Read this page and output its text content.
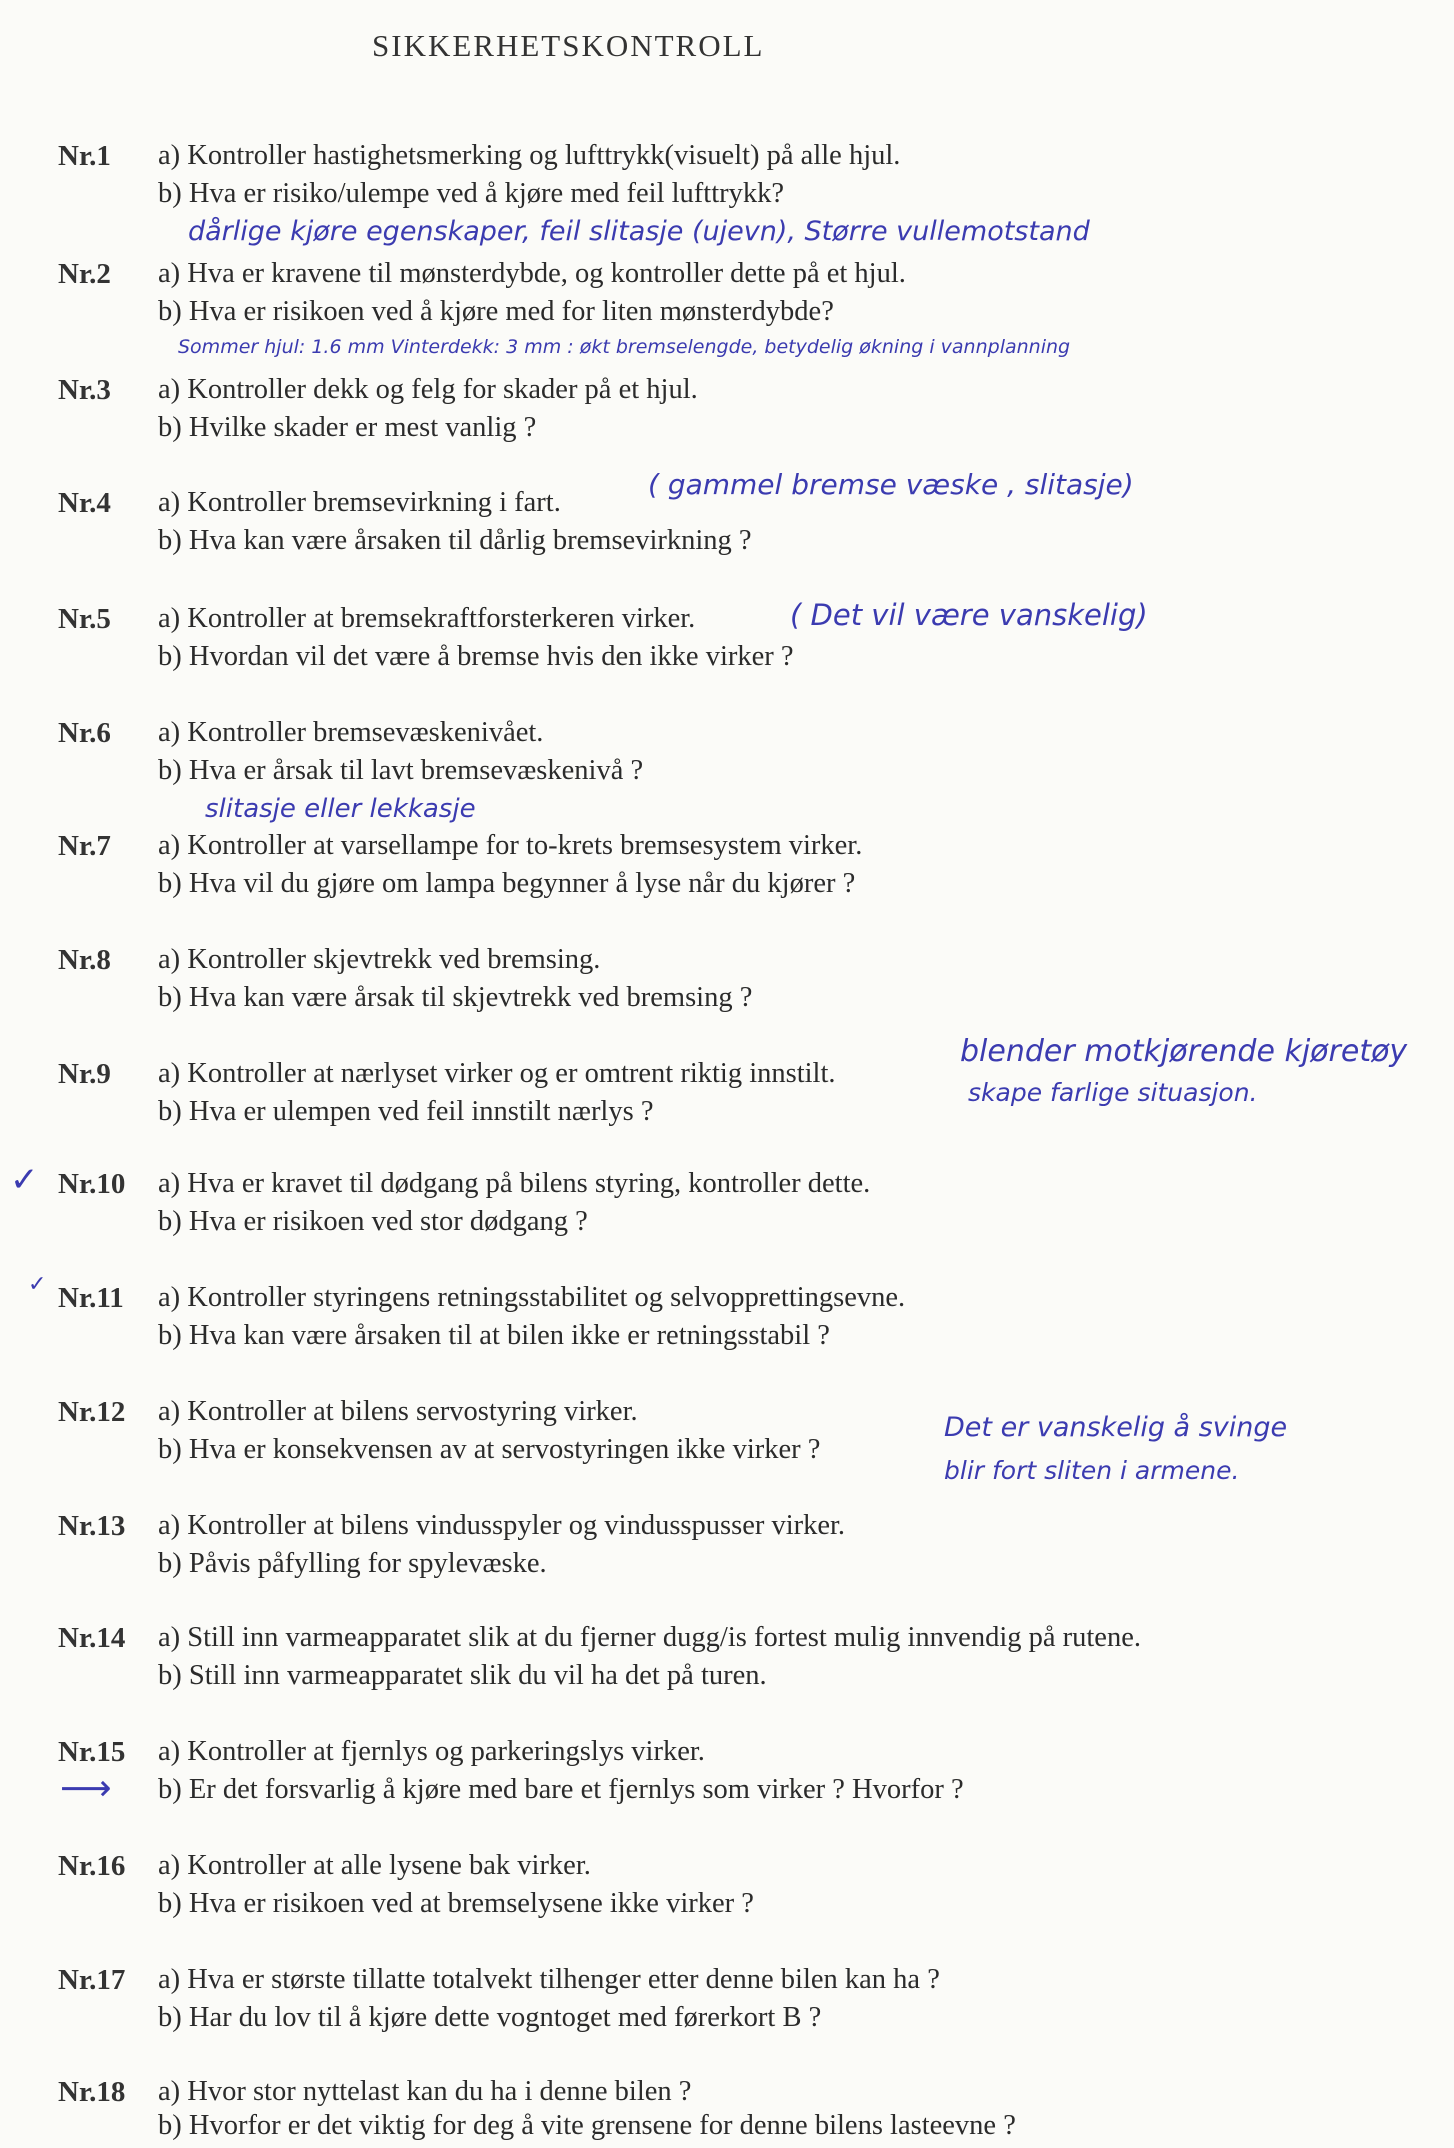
SIKKERHETSKONTROLL
Nr.1 a) Kontroller hastighetsmerking og lufttrykk(visuelt) på alle hjul.
b) Hva er risiko/ulempe ved å kjøre med feil lufttrykk?
dårlige kjøre egenskaper, feil slitasje (ujevn), Større vullemotstand
Nr.2 a) Hva er kravene til mønsterdybde, og kontroller dette på et hjul.
b) Hva er risikoen ved å kjøre med for liten mønsterdybde?
Sommer hjul: 1.6 mm Vinterdekk: 3 mm : økt bremselengde, betydelig økning i vannplanning
Nr.3 a) Kontroller dekk og felg for skader på et hjul.
b) Hvilke skader er mest vanlig ?
Nr.4 a) Kontroller bremsevirkning i fart.
b) Hva kan være årsaken til dårlig bremsevirkning ?
( gammel bremse væske , slitasje)
Nr.5 a) Kontroller at bremsekraftforsterkeren virker.
b) Hvordan vil det være å bremse hvis den ikke virker ?
( Det vil være vanskelig)
Nr.6 a) Kontroller bremsevæskenivået.
b) Hva er årsak til lavt bremsevæskenivå ?
slitasje eller lekkasje
Nr.7 a) Kontroller at varsellampe for to-krets bremsesystem virker.
b) Hva vil du gjøre om lampa begynner å lyse når du kjører ?
Nr.8 a) Kontroller skjevtrekk ved bremsing.
b) Hva kan være årsak til skjevtrekk ved bremsing ?
Nr.9 a) Kontroller at nærlyset virker og er omtrent riktig innstilt.
b) Hva er ulempen ved feil innstilt nærlys ?
blender motkjørende kjøretøy
skape farlige situasjon.
Nr.10 a) Hva er kravet til dødgang på bilens styring, kontroller dette.
b) Hva er risikoen ved stor dødgang ?
✓
Nr.11 a) Kontroller styringens retningsstabilitet og selvopprettingsevne.
b) Hva kan være årsaken til at bilen ikke er retningsstabil ?
✓
Nr.12 a) Kontroller at bilens servostyring virker.
b) Hva er konsekvensen av at servostyringen ikke virker ?
Det er vanskelig å svinge
blir fort sliten i armene.
Nr.13 a) Kontroller at bilens vindusspyler og vindusspusser virker.
b) Påvis påfylling for spylevæske.
Nr.14 a) Still inn varmeapparatet slik at du fjerner dugg/is fortest mulig innvendig på rutene.
b) Still inn varmeapparatet slik du vil ha det på turen.
Nr.15 a) Kontroller at fjernlys og parkeringslys virker.
b) Er det forsvarlig å kjøre med bare et fjernlys som virker ? Hvorfor ?
⟶
Nr.16 a) Kontroller at alle lysene bak virker.
b) Hva er risikoen ved at bremselysene ikke virker ?
Nr.17 a) Hva er største tillatte totalvekt tilhenger etter denne bilen kan ha ?
b) Har du lov til å kjøre dette vogntoget med førerkort B ?
Nr.18 a) Hvor stor nyttelast kan du ha i denne bilen ?
b) Hvorfor er det viktig for deg å vite grensene for denne bilens lasteevne ?
